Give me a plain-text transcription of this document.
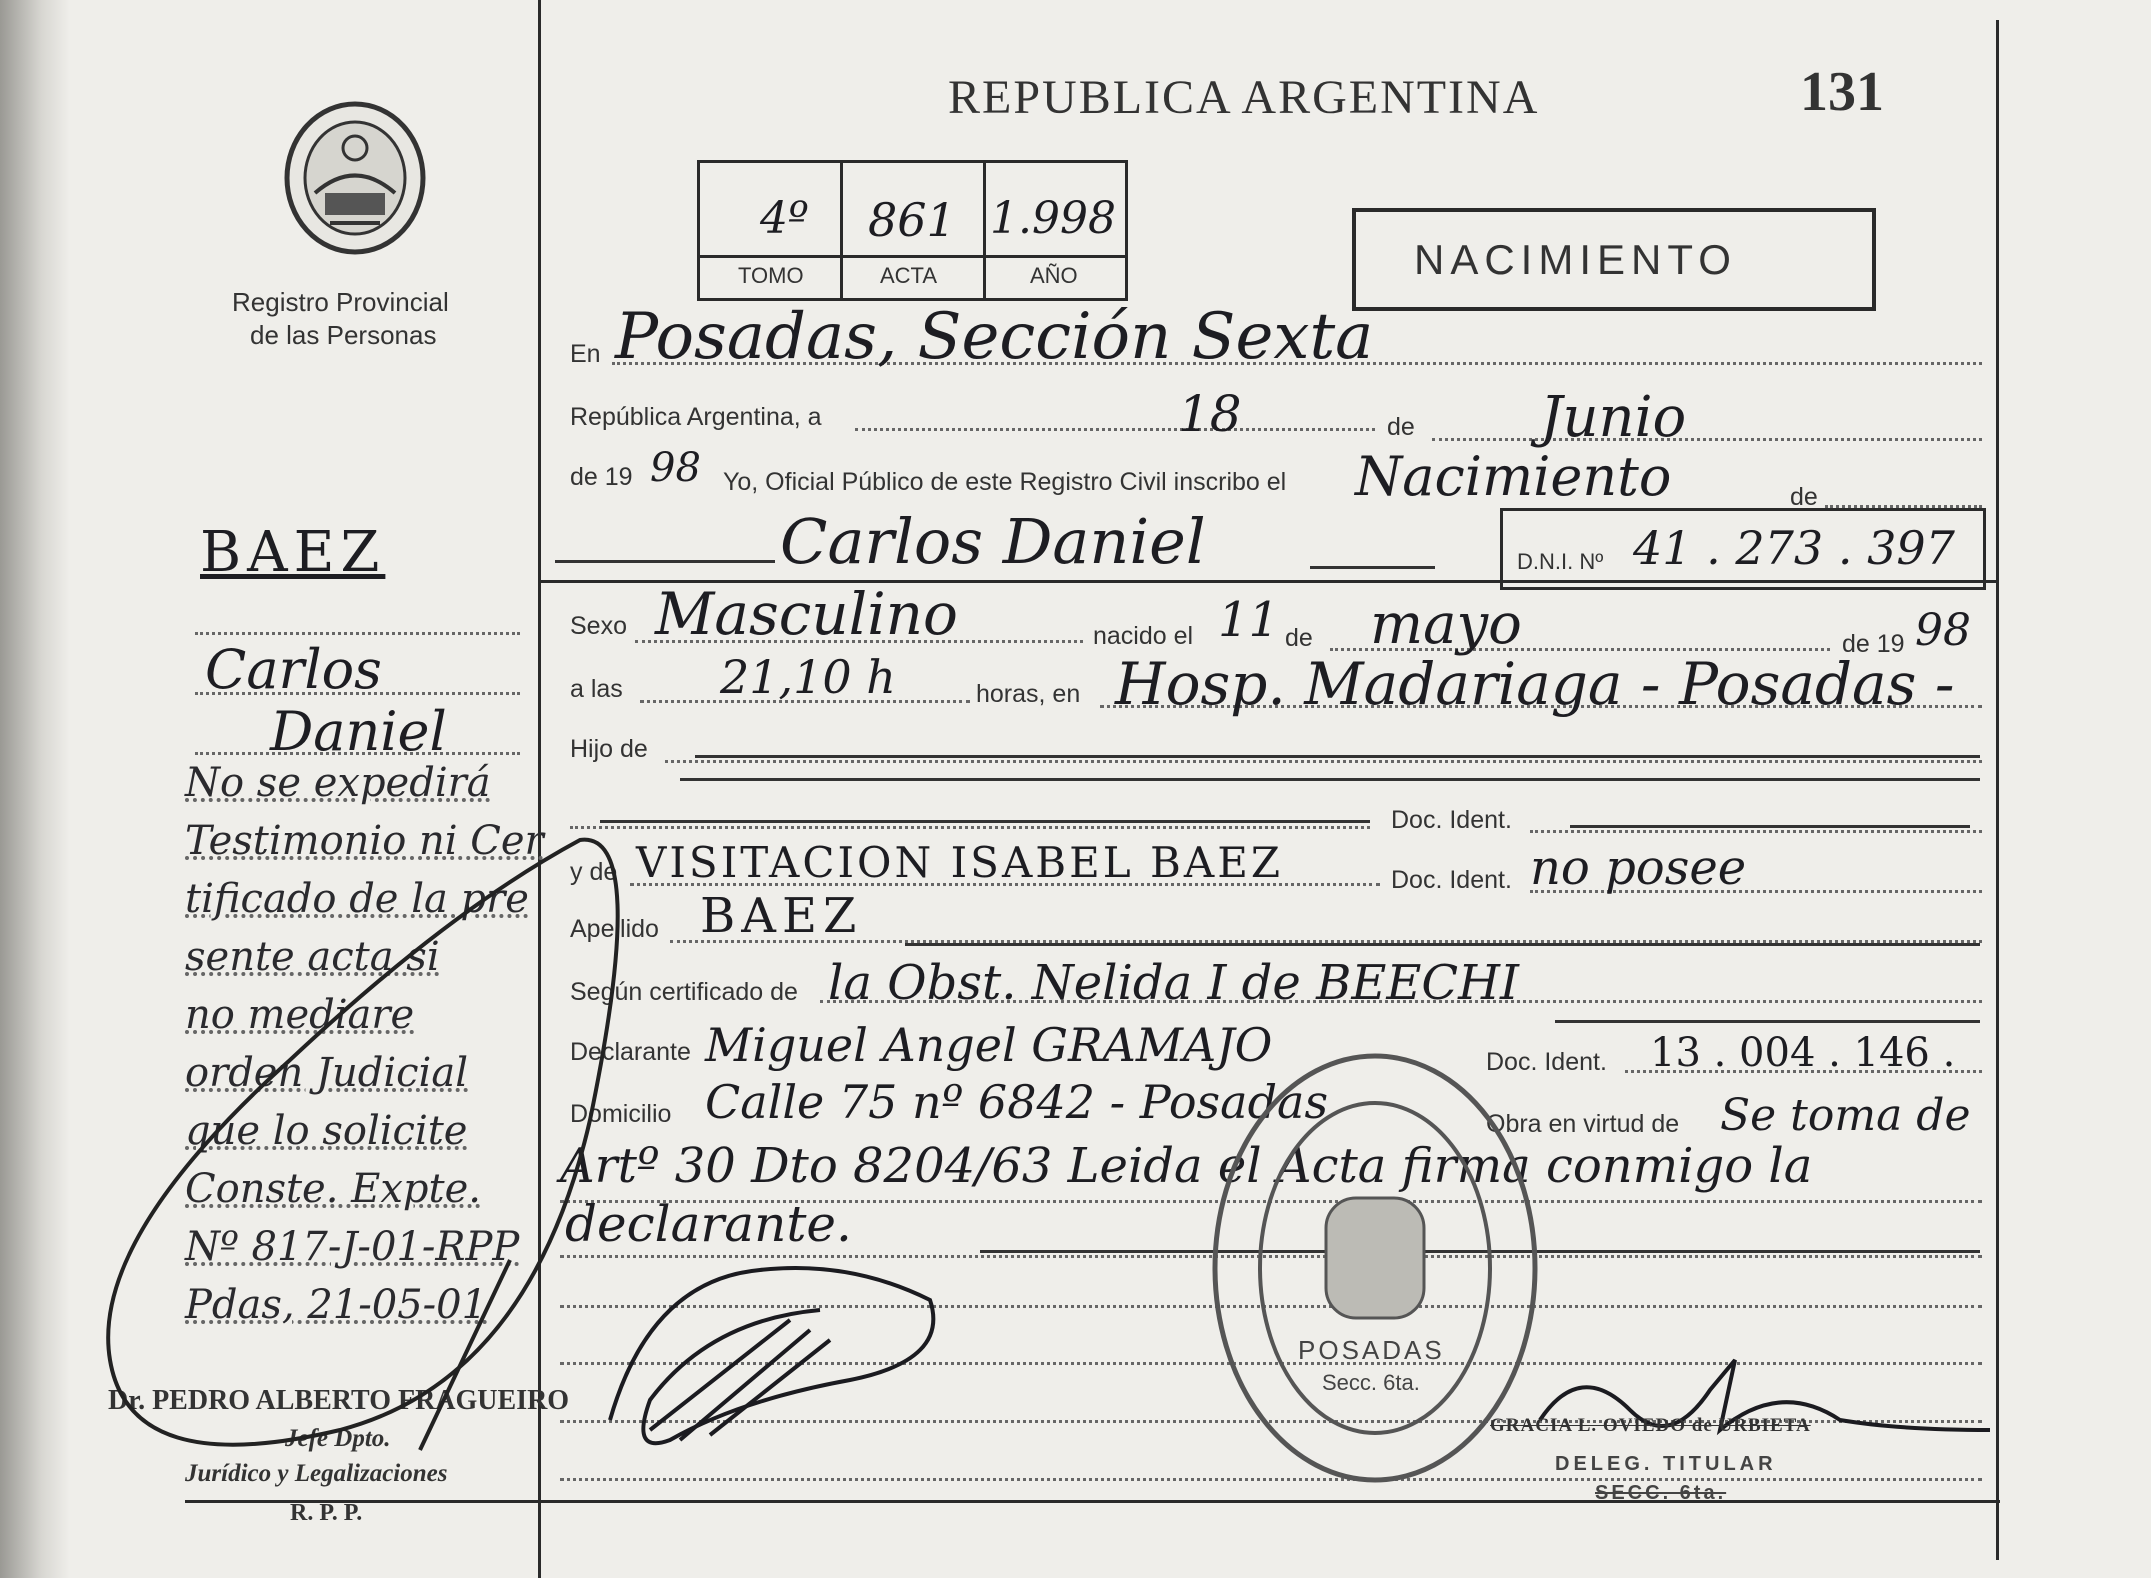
Registro Provincial
de las Personas
REPUBLICA ARGENTINA	131
4º 861 1.998
TOMO	ACTA	AÑO	NACIMIENTO
En Posadas, Sección Sexta
República Argentina, a	18	de Junio
de 19 98 Yo, Oficial Público de este Registro Civil inscribo el Nacimiento	de
Carlos Daniel	D.N.I. Nº 41 . 273 . 397
Sexo Masculino	nacido el 11 de mayo	de 19 98
a las 21,10 h	horas, en Hosp. Madariaga - Posadas -
Hijo de
Doc. Ident.
y de VISITACION ISABEL BAEZ	Doc. Ident. no posee
Apellido BAEZ
Según certificado de la Obst. Nelida I de BEECHI
Declarante Miguel Angel GRAMAJO	Doc. Ident. 13 . 004 . 146 .
Domicilio Calle 75 nº 6842 - Posadas	Obra en virtud de Se toma de
Artº 30 Dto 8204/63 Leida el Acta firma conmigo la
declarante.
BAEZ
Carlos
Daniel
No se expedirá
Testimonio ni Cer
tificado de la pre
sente acta si
no mediare
orden Judicial
que lo solicite
Conste. Expte.
Nº 817-J-01-RPP
Pdas, 21-05-01
Dr. PEDRO ALBERTO FRAGUEIRO
Jefe Dpto.
Jurídico y Legalizaciones
R. P. P.
POSADAS
Secc. 6ta.
GRACIA L. OVIEDO de URBIETA
DELEG. TITULAR
SECC. 6ta.
